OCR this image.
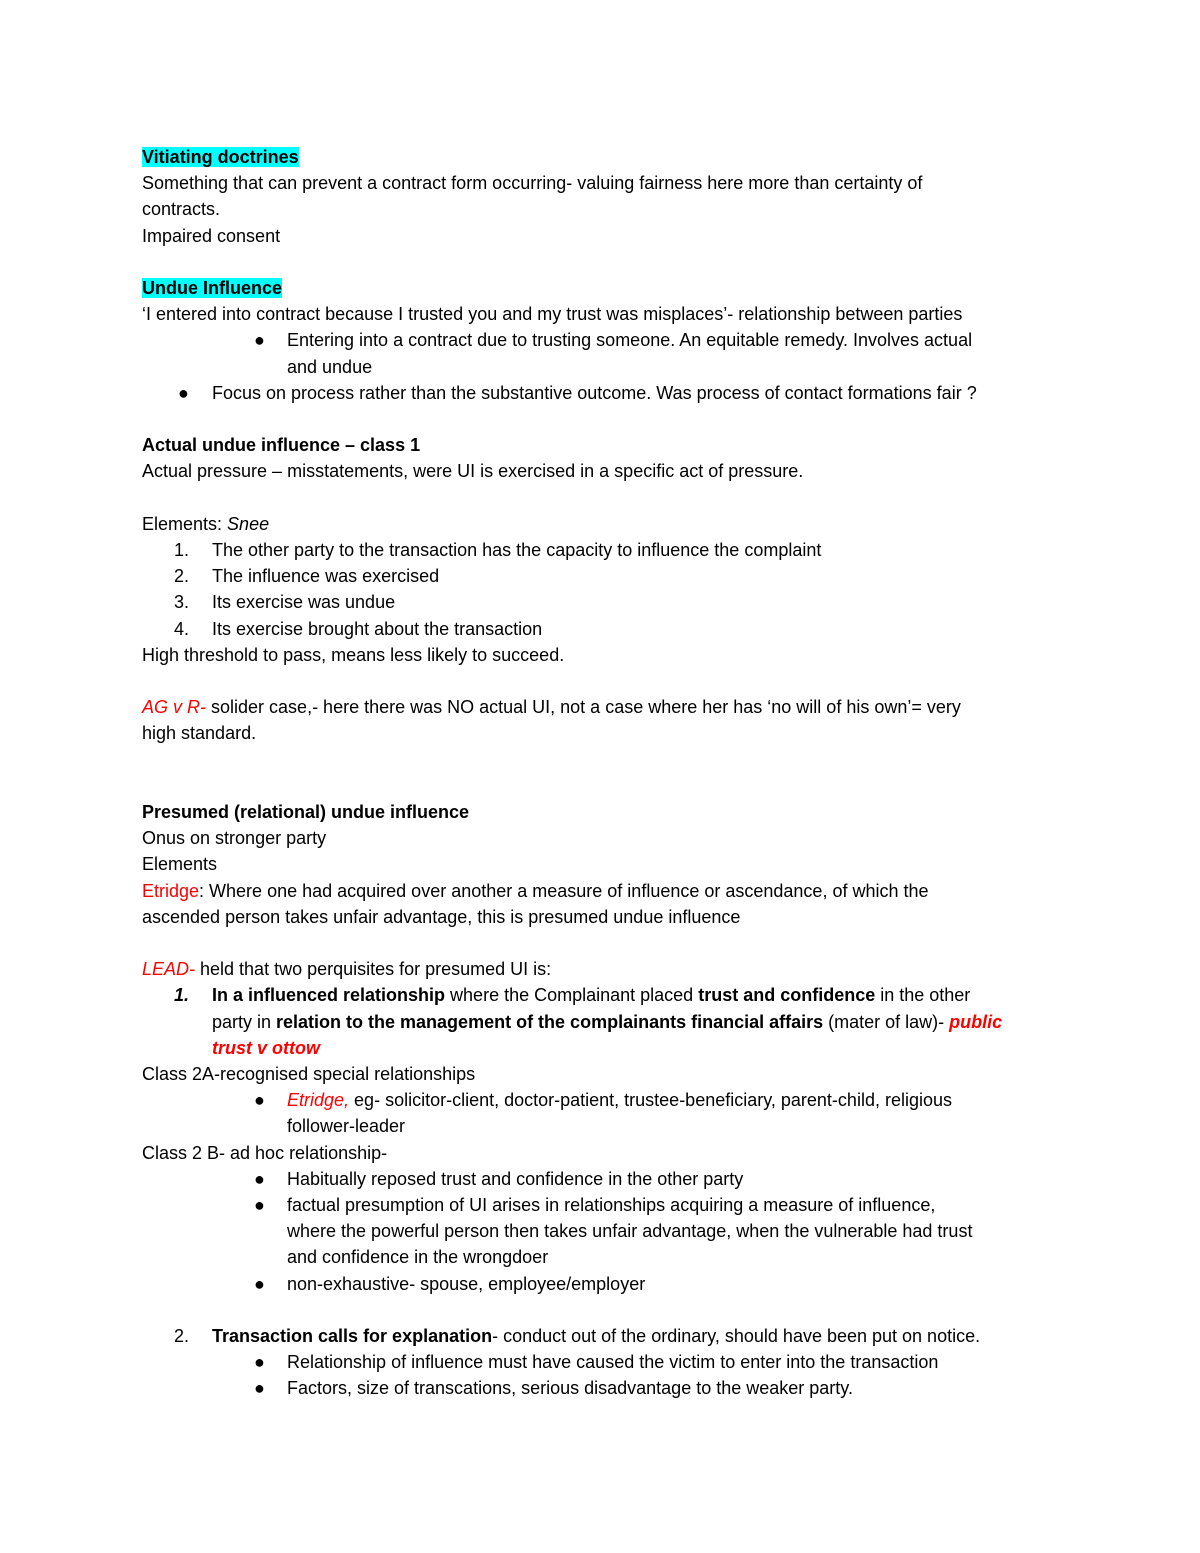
Vitiating doctrines

Something that can prevent a contract form occurring- valuing fairness here more than certainty of

contracts.

Impaired consent

Undue Influence

‘I entered into contract because I trusted you and my trust was misplaces’- relationship between parties

● Entering into a contract due to trusting someone. An equitable remedy. Involves actual

and undue

● Focus on process rather than the substantive outcome. Was process of contact formations fair ?

Actual undue influence – class 1

Actual pressure – misstatements, were UI is exercised in a specific act of pressure.

Elements: Snee

1. The other party to the transaction has the capacity to influence the complaint

2. The influence was exercised

3. Its exercise was undue

4. Its exercise brought about the transaction

High threshold to pass, means less likely to succeed.

AG v R- solider case,- here there was NO actual UI, not a case where her has ‘no will of his own’= very

high standard.

Presumed (relational) undue influence

Onus on stronger party

Elements

Etridge: Where one had acquired over another a measure of influence or ascendance, of which the

ascended person takes unfair advantage, this is presumed undue influence

LEAD- held that two perquisites for presumed UI is:

1. In a influenced relationship where the Complainant placed trust and confidence in the other

party in relation to the management of the complainants financial affairs (mater of law)- public

trust v ottow

Class 2A-recognised special relationships

● Etridge, eg- solicitor-client, doctor-patient, trustee-beneficiary, parent-child, religious

follower-leader

Class 2 B- ad hoc relationship-

● Habitually reposed trust and confidence in the other party

● factual presumption of UI arises in relationships acquiring a measure of influence,

where the powerful person then takes unfair advantage, when the vulnerable had trust

and confidence in the wrongdoer

● non-exhaustive- spouse, employee/employer

2. Transaction calls for explanation- conduct out of the ordinary, should have been put on notice.

● Relationship of influence must have caused the victim to enter into the transaction

● Factors, size of transcations, serious disadvantage to the weaker party.
